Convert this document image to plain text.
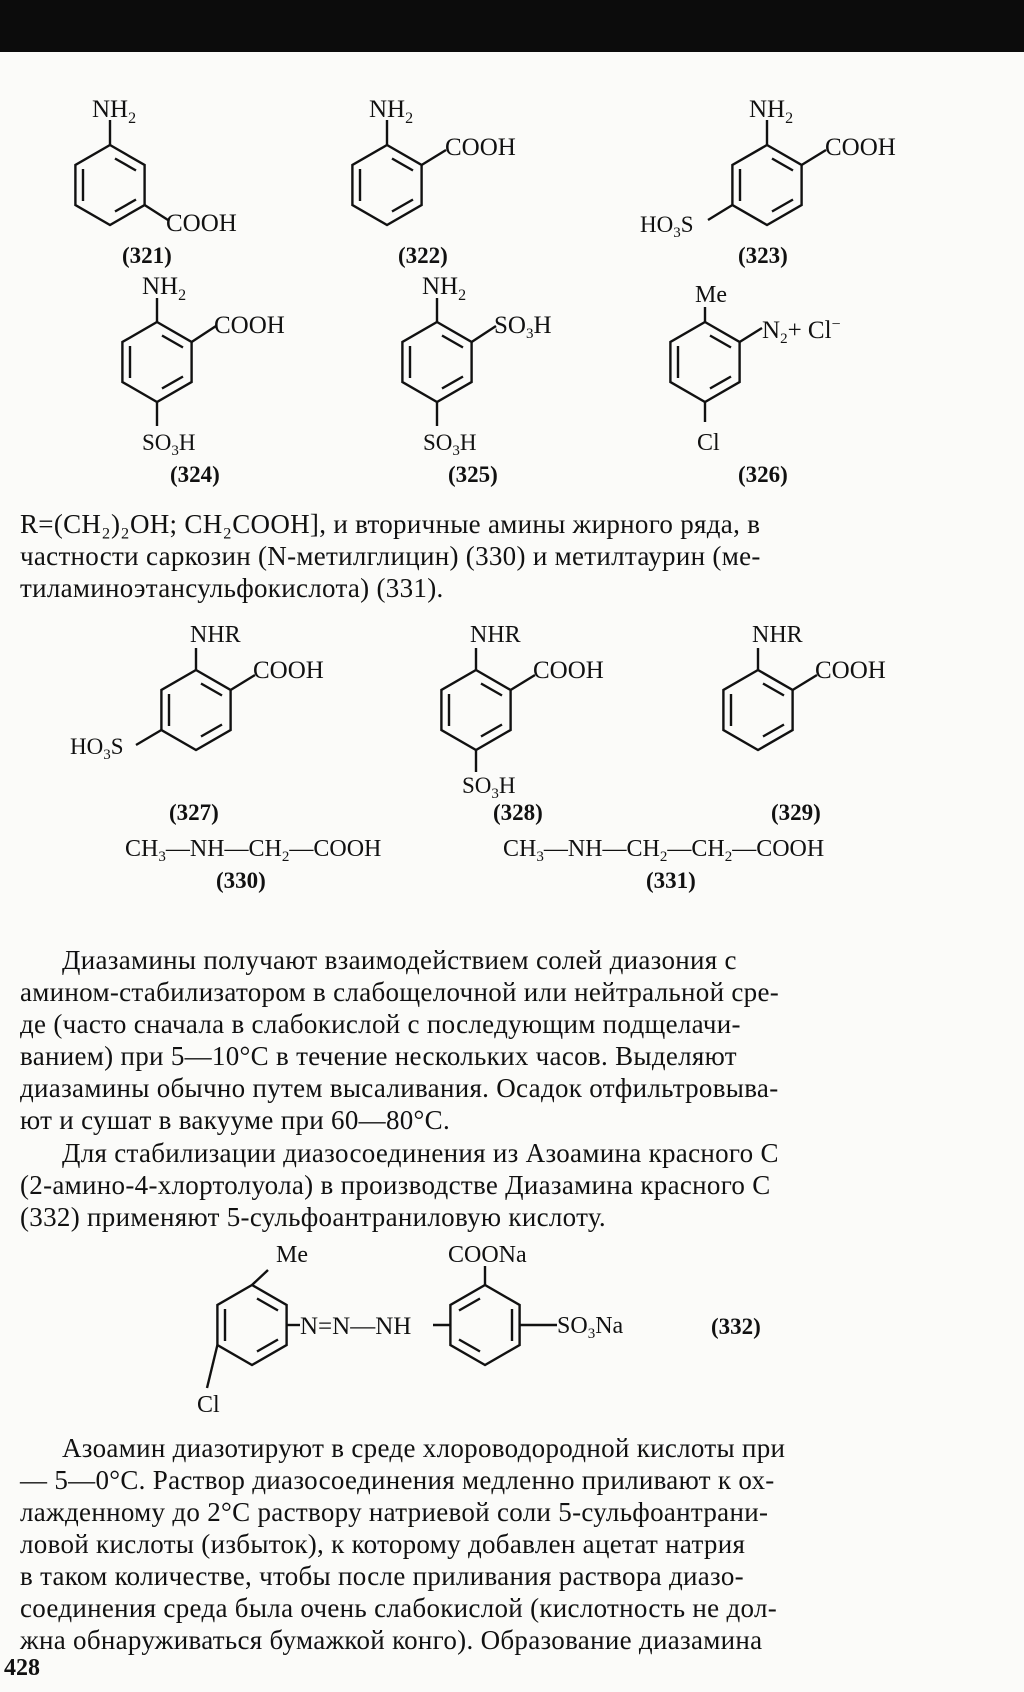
$NH_2$
COOH
(321)
$NH_2$
COOH
(322)
$NH_2$
COOH
$HO_3S$
(323)
$NH_2$
COOH
$SO_3H$
(324)
$NH_2$
$SO_3H$
$SO_3H$
(325)
Me
$N_2+ Cl^-$
Cl
(326)
NHR
COOH
$HO_3S$
(327)
NHR
COOH
$SO_3H$
(328)
NHR
COOH
(329)
$CH_3—NH—CH_2—COOH$
(330)
$CH_3—NH—CH_2—CH_2—COOH$
(331)
Me
Cl
N=N—NH
COONa
$SO_3Na$	(332)
R=(CH₂)₂OH; CH₂COOH], и вторичные амины жирного ряда, в
частности саркозин (N-метилглицин) (330) и метилтаурин (ме-
тиламиноэтансульфокислота) (331).
Диазамины получают взаимодействием солей диазония с
амином-стабилизатором в слабощелочной или нейтральной сре-
де (часто сначала в слабокислой с последующим подщелачи-
ванием) при 5—10°С в течение нескольких часов. Выделяют
диазамины обычно путем высаливания. Осадок отфильтровыва-
ют и сушат в вакууме при 60—80°С.
Для стабилизации диазосоединения из Азоамина красного С
(2-амино-4-хлортолуола) в производстве Диазамина красного С
(332) применяют 5-сульфоантраниловую кислоту.
Азоамин диазотируют в среде хлороводородной кислоты при
— 5—0°С. Раствор диазосоединения медленно приливают к ох-
лажденному до 2°С раствору натриевой соли 5-сульфоантрани-
ловой кислоты (избыток), к которому добавлен ацетат натрия
в таком количестве, чтобы после приливания раствора диазо-
соединения среда была очень слабокислой (кислотность не дол-
жна обнаруживаться бумажкой конго). Образование диазамина
428
